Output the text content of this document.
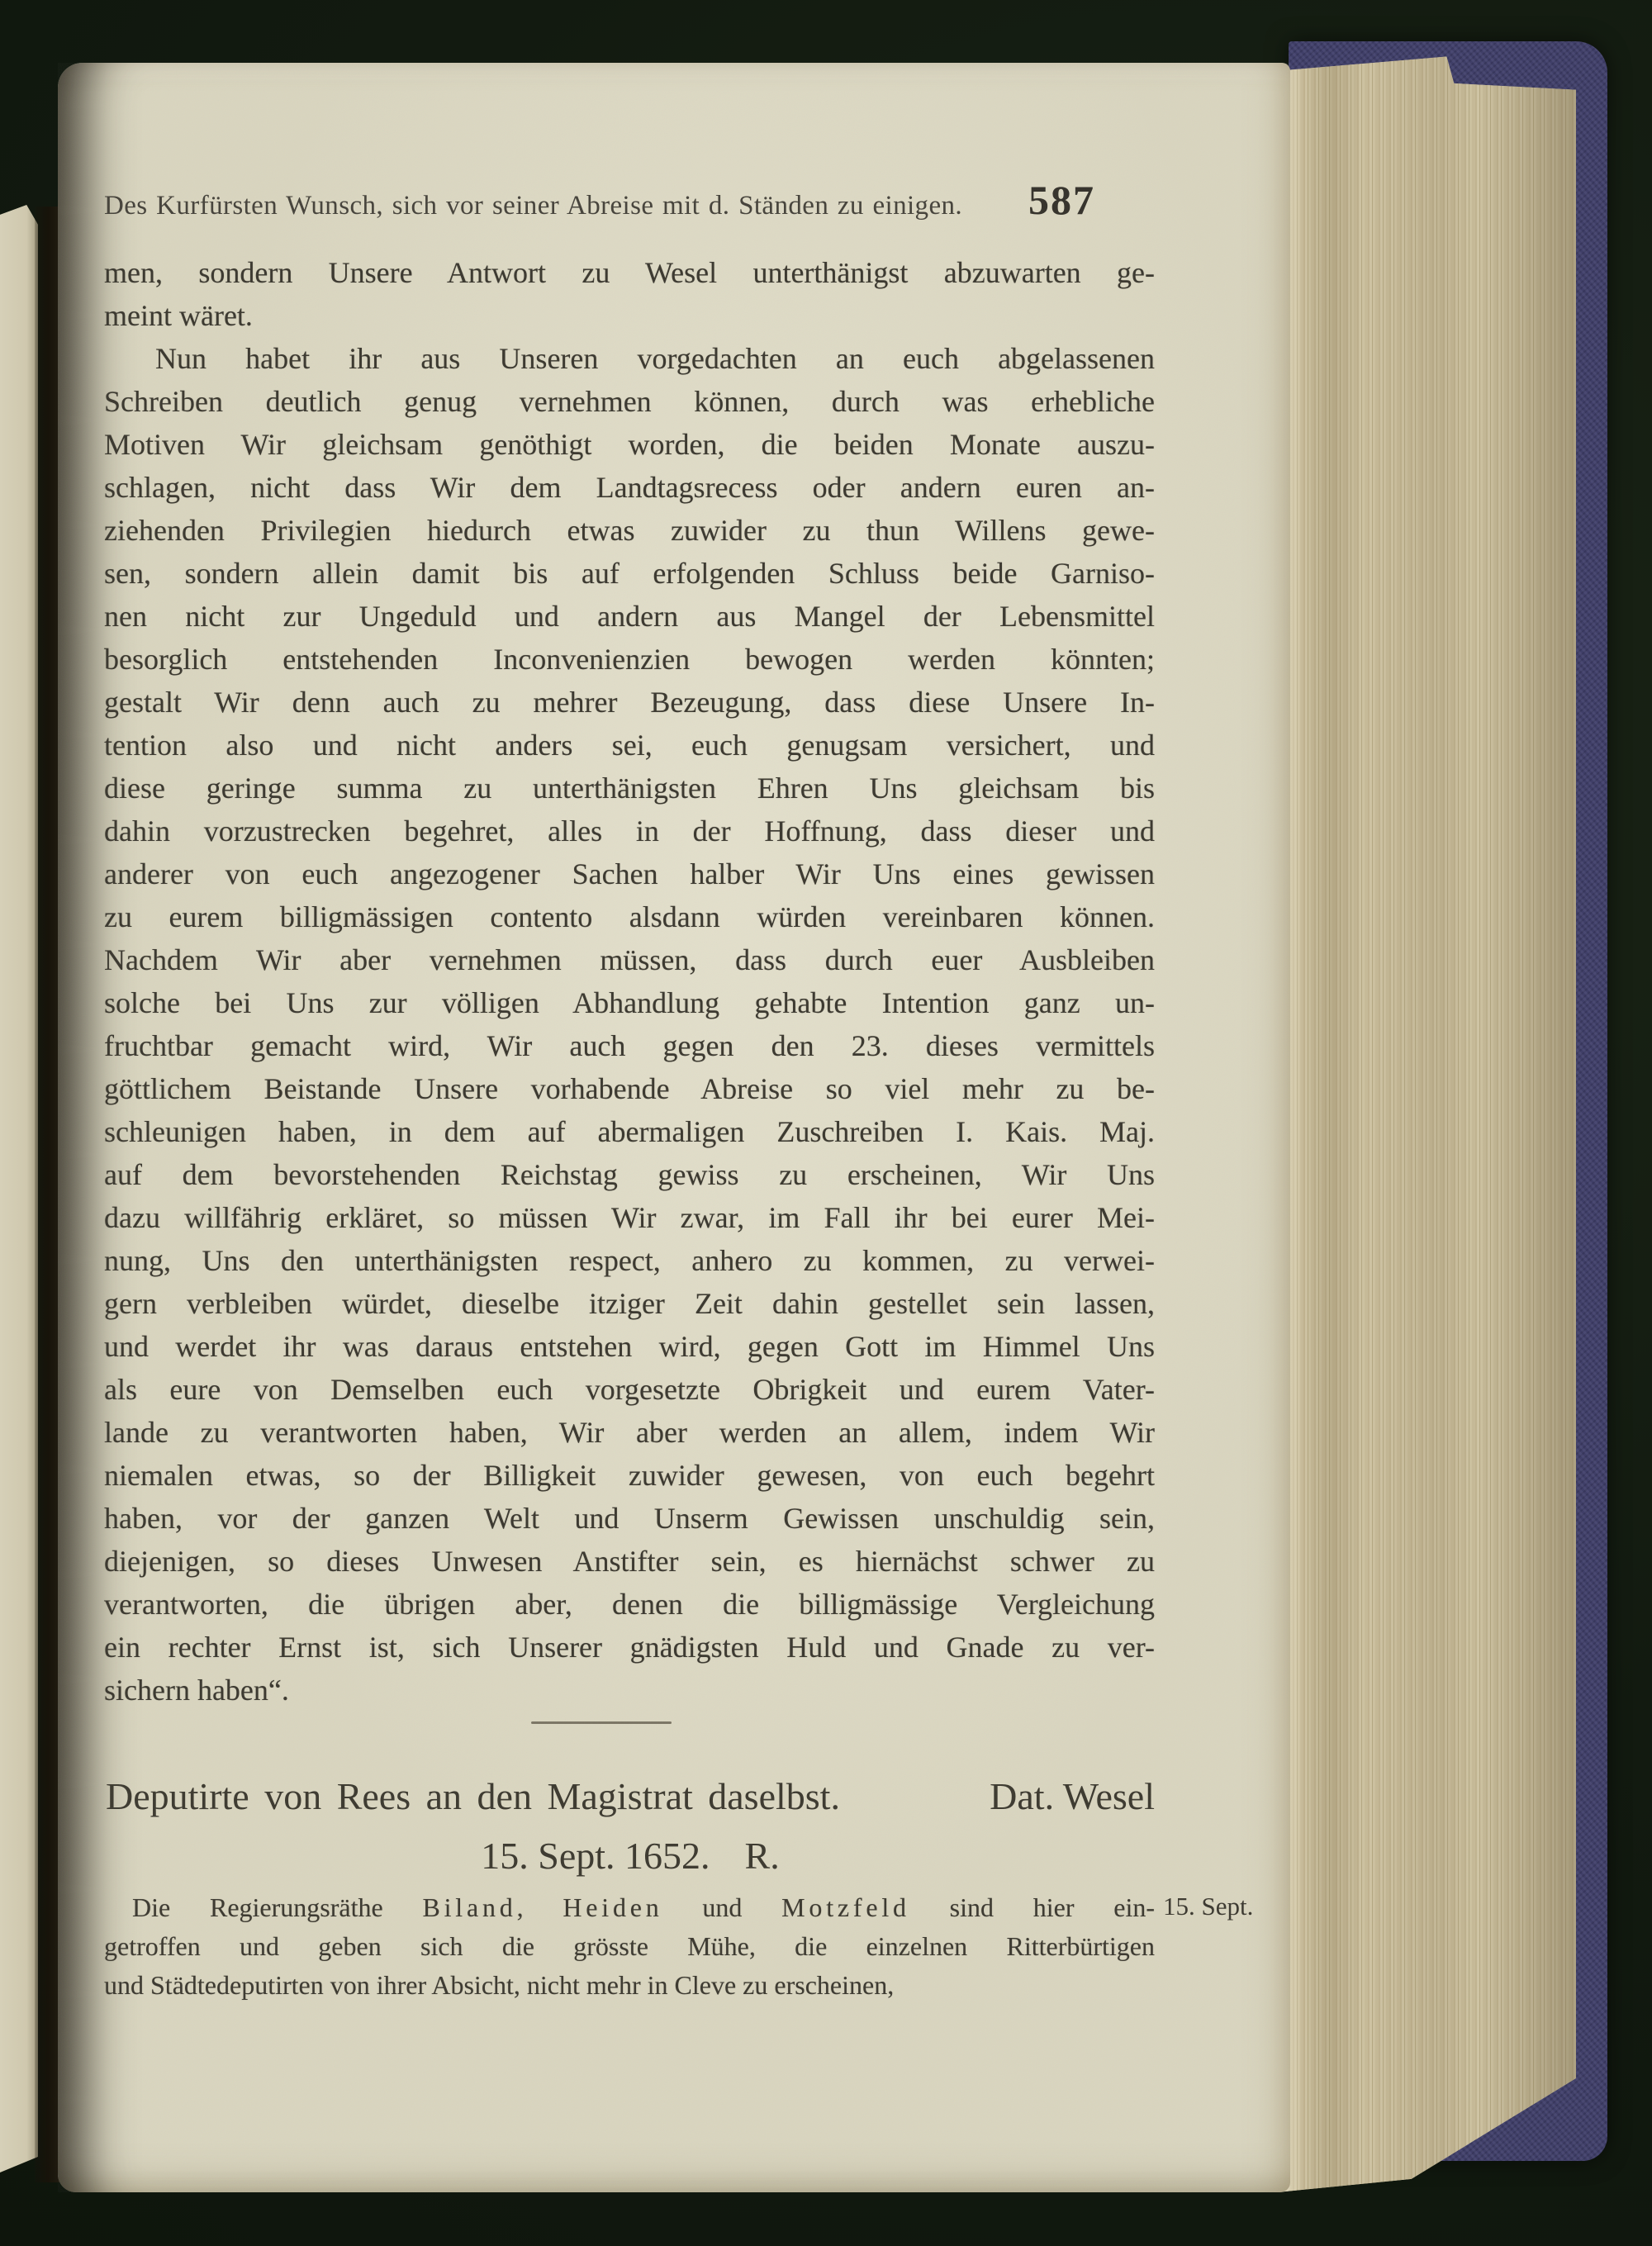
Des Kurfürsten Wunsch, sich vor seiner Abreise mit d. Ständen zu einigen. 587
men, sondern Unsere Antwort zu Wesel unterthänigst abzuwarten ge-
meint wäret.
Nun habet ihr aus Unseren vorgedachten an euch abgelassenen
Schreiben deutlich genug vernehmen können, durch was erhebliche
Motiven Wir gleichsam genöthigt worden, die beiden Monate auszu-
schlagen, nicht dass Wir dem Landtagsrecess oder andern euren an-
ziehenden Privilegien hiedurch etwas zuwider zu thun Willens gewe-
sen, sondern allein damit bis auf erfolgenden Schluss beide Garniso-
nen nicht zur Ungeduld und andern aus Mangel der Lebensmittel
besorglich entstehenden Inconvenienzien bewogen werden könnten;
gestalt Wir denn auch zu mehrer Bezeugung, dass diese Unsere In-
tention also und nicht anders sei, euch genugsam versichert, und
diese geringe summa zu unterthänigsten Ehren Uns gleichsam bis
dahin vorzustrecken begehret, alles in der Hoffnung, dass dieser und
anderer von euch angezogener Sachen halber Wir Uns eines gewissen
zu eurem billigmässigen contento alsdann würden vereinbaren können.
Nachdem Wir aber vernehmen müssen, dass durch euer Ausbleiben
solche bei Uns zur völligen Abhandlung gehabte Intention ganz un-
fruchtbar gemacht wird, Wir auch gegen den 23. dieses vermittels
göttlichem Beistande Unsere vorhabende Abreise so viel mehr zu be-
schleunigen haben, in dem auf abermaligen Zuschreiben I. Kais. Maj.
auf dem bevorstehenden Reichstag gewiss zu erscheinen, Wir Uns
dazu willfährig erkläret, so müssen Wir zwar, im Fall ihr bei eurer Mei-
nung, Uns den unterthänigsten respect, anhero zu kommen, zu verwei-
gern verbleiben würdet, dieselbe itziger Zeit dahin gestellet sein lassen,
und werdet ihr was daraus entstehen wird, gegen Gott im Himmel Uns
als eure von Demselben euch vorgesetzte Obrigkeit und eurem Vater-
lande zu verantworten haben, Wir aber werden an allem, indem Wir
niemalen etwas, so der Billigkeit zuwider gewesen, von euch begehrt
haben, vor der ganzen Welt und Unserm Gewissen unschuldig sein,
diejenigen, so dieses Unwesen Anstifter sein, es hiernächst schwer zu
verantworten, die übrigen aber, denen die billigmässige Vergleichung
ein rechter Ernst ist, sich Unserer gnädigsten Huld und Gnade zu ver-
sichern haben“.
Deputirte von Rees an den Magistrat daselbst.	Dat. Wesel
15. Sept. 1652. R.
Die Regierungsräthe Biland, Heiden und Motzfeld sind hier ein-
getroffen und geben sich die grösste Mühe, die einzelnen Ritterbürtigen
und Städtedeputirten von ihrer Absicht, nicht mehr in Cleve zu erscheinen,
15. Sept.
